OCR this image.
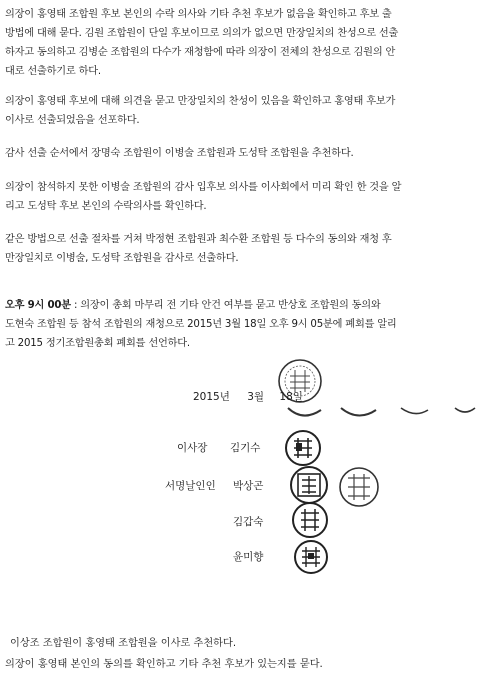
의장이 홍영태 조합원 후보 본인의 수락 의사와 기타 추천 후보가 없음을 확인하고 후보 출

방법에 대해 묻다. 김원 조합원이 단일 후보이므로 의의가 없으면 만장일치의 찬성으로 선출

하자고 동의하고 김병순 조합원의 다수가 재청함에 따라 의장이 전체의 찬성으로 김원의 안

대로 선출하기로 하다.

의장이 홍영태 후보에 대해 의견을 묻고 만장일치의 찬성이 있음을 확인하고 홍영태 후보가

이사로 선출되었음을 선포하다.

감사 선출 순서에서 장명숙 조합원이 이병술 조합원과 도성탁 조합원을 추천하다.

의장이 참석하지 못한 이병술 조합원의 감사 입후보 의사를 이사회에서 미리 확인 한 것을 알

리고 도성탁 후보 본인의 수락의사를 확인하다.

같은 방법으로 선출 절차를 거쳐 박정현 조합원과 최수환 조합원 등 다수의 동의와 재청 후

만장일치로 이병술, 도성탁 조합원을 감사로 선출하다.

오후 9시 00분 : 의장이 총회 마무리 전 기타 안건 여부를 묻고 반상호 조합원의 동의와

도현숙 조합원 등 참석 조합원의 재청으로 2015년 3월 18일 오후 9시 05분에 폐회를 알리

고 2015 정기조합원총회 폐회를 선언하다.

2015년 3월 18일
이사장 김기수
서명날인인 박상곤
김갑숙
윤미향
이상조 조합원이 홍영태 조합원을 이사로 추천하다.
의장이 홍영태 본인의 동의를 확인하고 기타 추천 후보가 있는지를 묻다.
